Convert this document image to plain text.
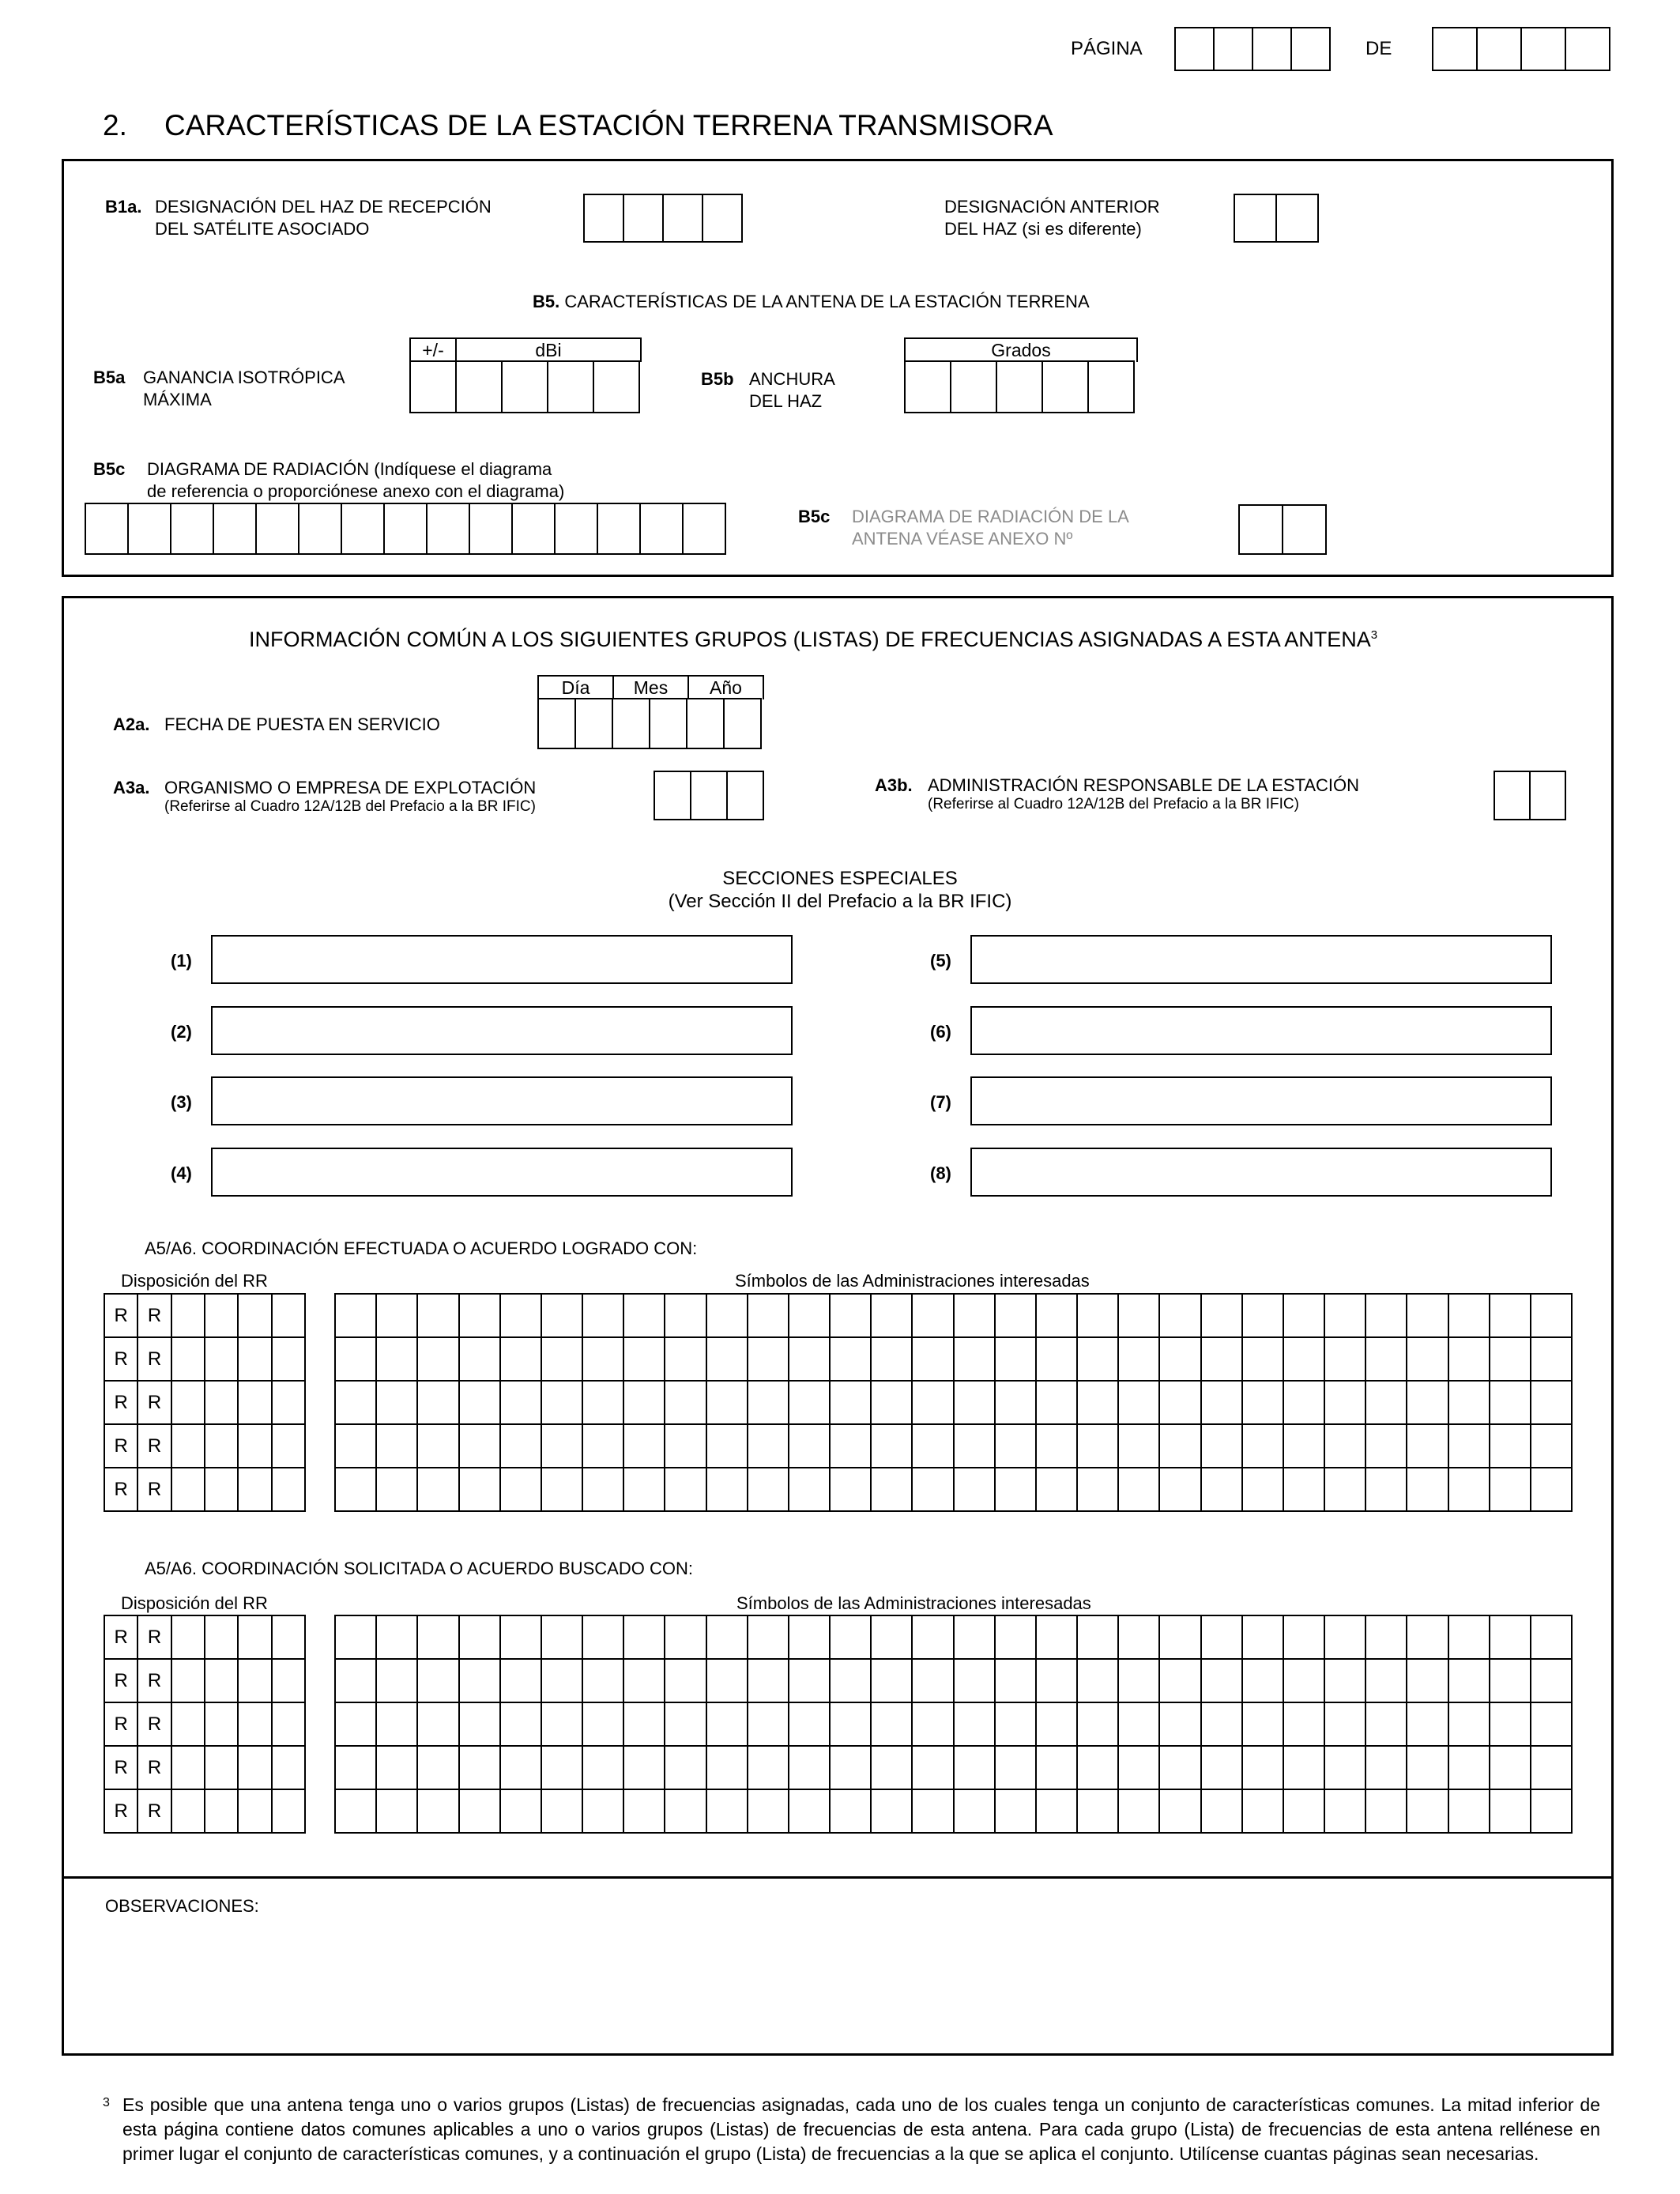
PÁGINA	DE
2. CARACTERÍSTICAS DE LA ESTACIÓN TERRENA TRANSMISORA
B1a. DESIGNACIÓN DEL HAZ DE RECEPCIÓN
DEL SATÉLITE ASOCIADO
DESIGNACIÓN ANTERIOR
DEL HAZ (si es diferente)
B5. CARACTERÍSTICAS DE LA ANTENA DE LA ESTACIÓN TERRENA
B5a GANANCIA ISOTRÓPICA
MÁXIMA
+/-	dBi
B5b ANCHURA
DEL HAZ
Grados
B5c DIAGRAMA DE RADIACIÓN (Indíquese el diagrama
de referencia o proporciónese anexo con el diagrama)
B5c DIAGRAMA DE RADIACIÓN DE LA
ANTENA VÉASE ANEXO Nº
INFORMACIÓN COMÚN A LOS SIGUIENTES GRUPOS (LISTAS) DE FRECUENCIAS ASIGNADAS A ESTA ANTENA$^3$
A2a. FECHA DE PUESTA EN SERVICIO
Día	Mes	Año
A3a. ORGANISMO O EMPRESA DE EXPLOTACIÓN
(Referirse al Cuadro 12A/12B del Prefacio a la BR IFIC)
A3b. ADMINISTRACIÓN RESPONSABLE DE LA ESTACIÓN
(Referirse al Cuadro 12A/12B del Prefacio a la BR IFIC)
SECCIONES ESPECIALES
(Ver Sección II del Prefacio a la BR IFIC)
(1)
(2)
(3)
(4)
(5)
(6)
(7)
(8)
A5/A6. COORDINACIÓN EFECTUADA O ACUERDO LOGRADO CON:
Disposición del RR	Símbolos de las Administraciones interesadas
R	R
R	R
R	R
R	R
R	R
A5/A6. COORDINACIÓN SOLICITADA O ACUERDO BUSCADO CON:
Disposición del RR	Símbolos de las Administraciones interesadas
R	R
R	R
R	R
R	R
R	R
OBSERVACIONES:
3 Es posible que una antena tenga uno o varios grupos (Listas) de frecuencias asignadas, cada uno de los cuales tenga un conjunto de características comunes. La mitad inferior de esta página contiene datos comunes aplicables a uno o varios grupos (Listas) de frecuencias de esta antena. Para cada grupo (Lista) de frecuencias de esta antena rellénese en primer lugar el conjunto de características comunes, y a continuación el grupo (Lista) de frecuencias a la que se aplica el conjunto. Utilícense cuantas páginas sean necesarias.
